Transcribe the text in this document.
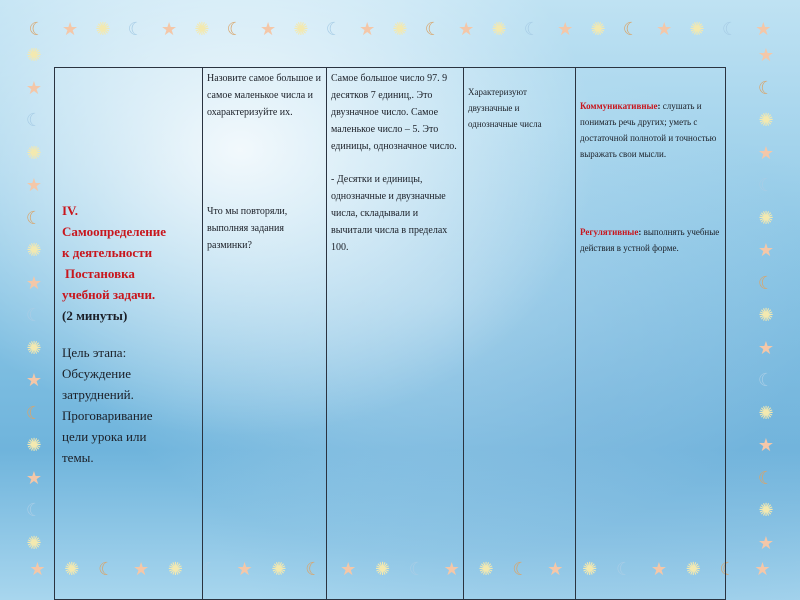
☾ ★ ✺ ☾ ★ ✺ ☾ ★ ✺ ☾ ★ ✺ ☾ ★ ✺ ☾ ★ ✺ ☾ ★ ✺ ☾ ★
★ ✺ ☾ ★ ✺ ☾ ★ ✺ ☾ ★ ✺ ☾ ★ ✺ ☾ ★ ✺ ☾ ★ ✺ ☾ ★
✺
★
☾
✺
★
☾
✺
★
☾
✺
★
☾
✺
★
☾
✺
★
☾
✺
★
☾
✺
★
☾
✺
★
☾
✺
★
☾
✺
★
IV.
Самоопределение
к деятельности
Постановка
учебной задачи.
(2 минуты)
Цель этапа:
Обсуждение
затруднений.
Проговаривание
цели урока или
темы.

Назовите самое большое и самое маленькое числа и охарактеризуйте их.
Что мы повторяли, выполняя задания разминки?

Самое большое число 97. 9 десятков 7 единиц,. Это двузначное число. Самое маленькое число – 5. Это единицы, однозначное число.
- Десятки и единицы, однозначные и двузначные числа, складывали и вычитали числа в пределах 100.

Характеризуют двузначные и однозначные числа

Коммуникативные: слушать и понимать речь других; уметь с достаточной полнотой и точностью выражать свои мысли.
Регулятивные: выполнять учебные действия в устной форме.
